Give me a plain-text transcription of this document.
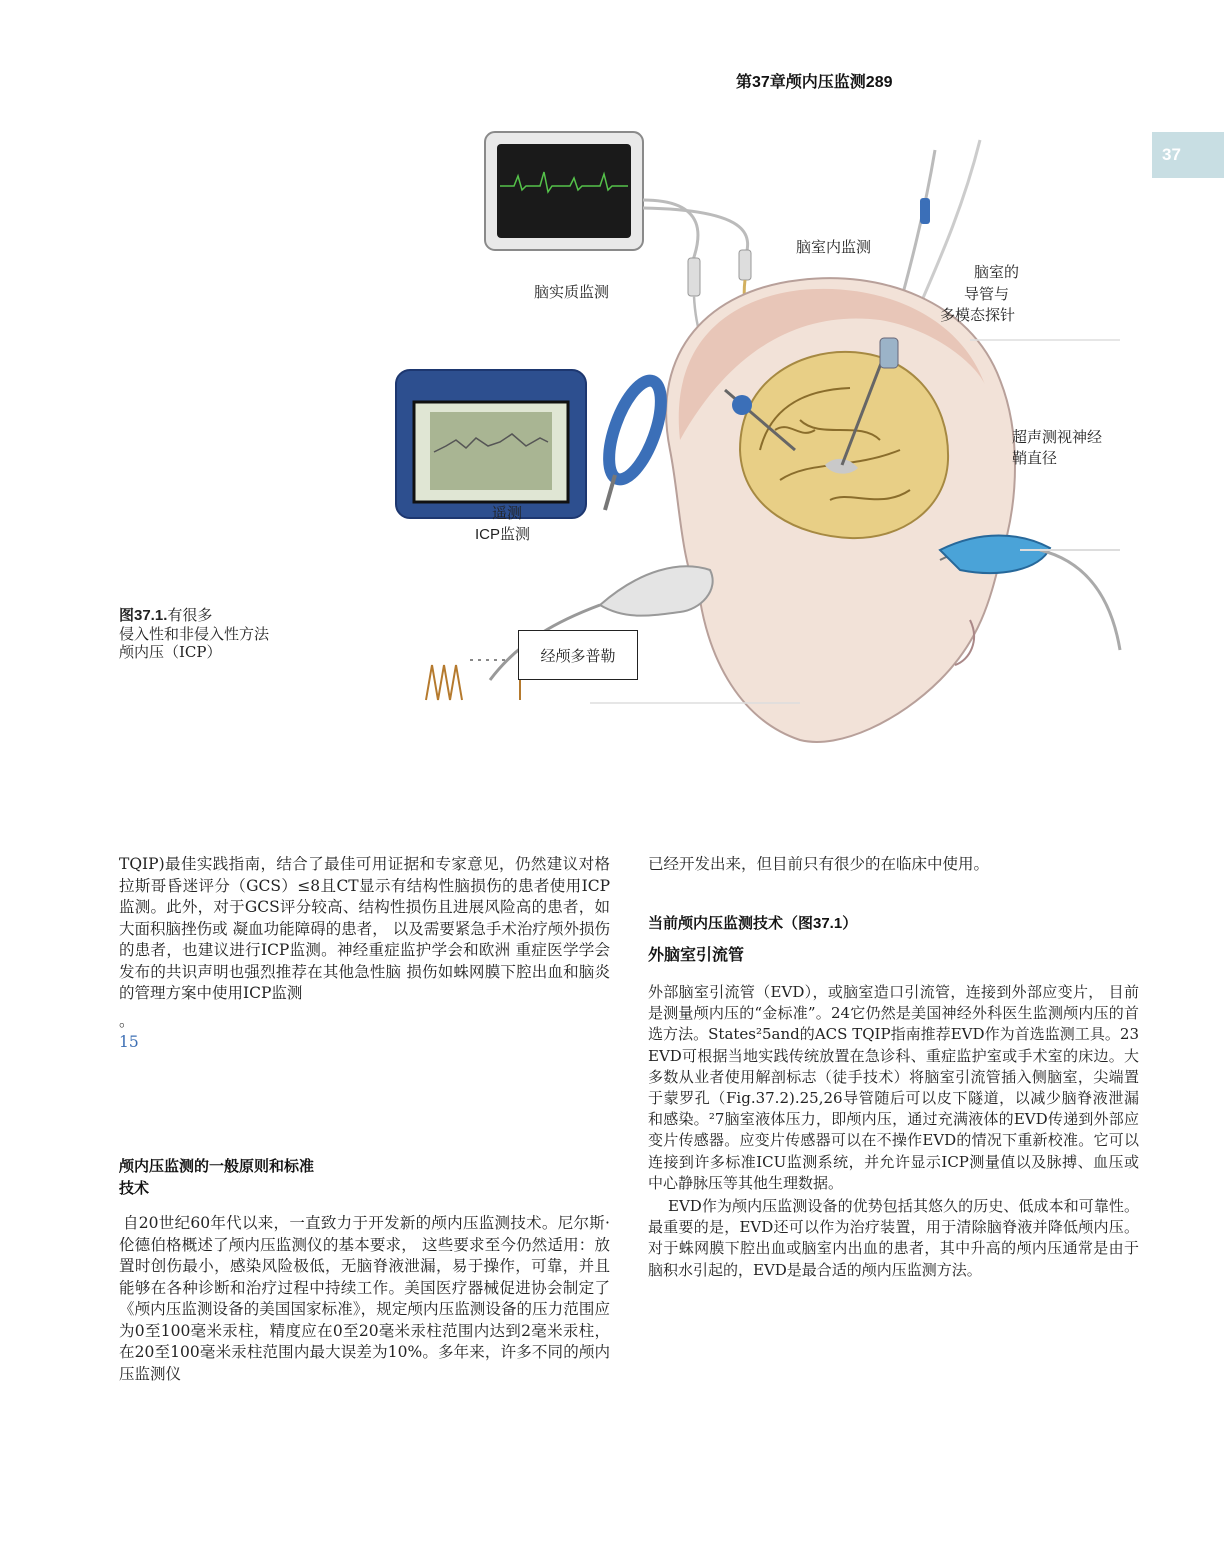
第37章颅内压监测289
37
脑室内监测
脑实质监测
脑室的
导管与
多模态探针
超声测视神经
鞘直径
遥测
ICP监测
经颅多普勒
图37.1.有很多
侵入性和非侵入性方法
颅内压（ICP）

TQIP)最佳实践指南，结合了最佳可用证据和专家意见，仍然建议对格拉斯哥昏迷评分（GCS）≤8且CT显示有结构性脑损伤的患者使用ICP监测。此外，对于GCS评分较高、结构性损伤且进展风险高的患者，如大面积脑挫伤或 凝血功能障碍的患者， 以及需要紧急手术治疗颅外损伤 的患者，也建议进行ICP监测。神经重症监护学会和欧洲 重症医学学会发布的共识声明也强烈推荐在其他急性脑 损伤如蛛网膜下腔出血和脑炎的管理方案中使用ICP监测

。

15

颅内压监测的一般原则和标准
技术

自20世纪60年代以来，一直致力于开发新的颅内压监测技术。尼尔斯·伦德伯格概述了颅内压监测仪的基本要求， 这些要求至今仍然适用：放置时创伤最小，感染风险极低，无脑脊液泄漏，易于操作，可靠，并且能够在各种诊断和治疗过程中持续工作。美国医疗器械促进协会制定了《颅内压监测设备的美国国家标准》，规定颅内压监测设备的压力范围应为0至100毫米汞柱，精度应在0至20毫米汞柱范围内达到2毫米汞柱，在20至100毫米汞柱范围内最大误差为10%。多年来，许多不同的颅内压监测仪

已经开发出来，但目前只有很少的在临床中使用。

当前颅内压监测技术（图37.1）
外脑室引流管

外部脑室引流管（EVD），或脑室造口引流管，连接到外部应变片， 目前是测量颅内压的“金标准”。24它仍然是美国神经外科医生监测颅内压的首选方法。States²5and的ACS TQIP指南推荐EVD作为首选监测工具。23 EVD可根据当地实践传统放置在急诊科、重症监护室或手术室的床边。大多数从业者使用解剖标志（徒手技术）将脑室引流管插入侧脑室，尖端置于蒙罗孔（Fig.37.2).25,26导管随后可以皮下隧道，以减少脑脊液泄漏和感染。²7脑室液体压力，即颅内压，通过充满液体的EVD传递到外部应变片传感器。应变片传感器可以在不操作EVD的情况下重新校准。它可以连接到许多标准ICU监测系统，并允许显示ICP测量值以及脉搏、血压或中心静脉压等其他生理数据。

EVD作为颅内压监测设备的优势包括其悠久的历史、低成本和可靠性。最重要的是，EVD还可以作为治疗装置，用于清除脑脊液并降低颅内压。对于蛛网膜下腔出血或脑室内出血的患者，其中升高的颅内压通常是由于脑积水引起的，EVD是最合适的颅内压监测方法。
